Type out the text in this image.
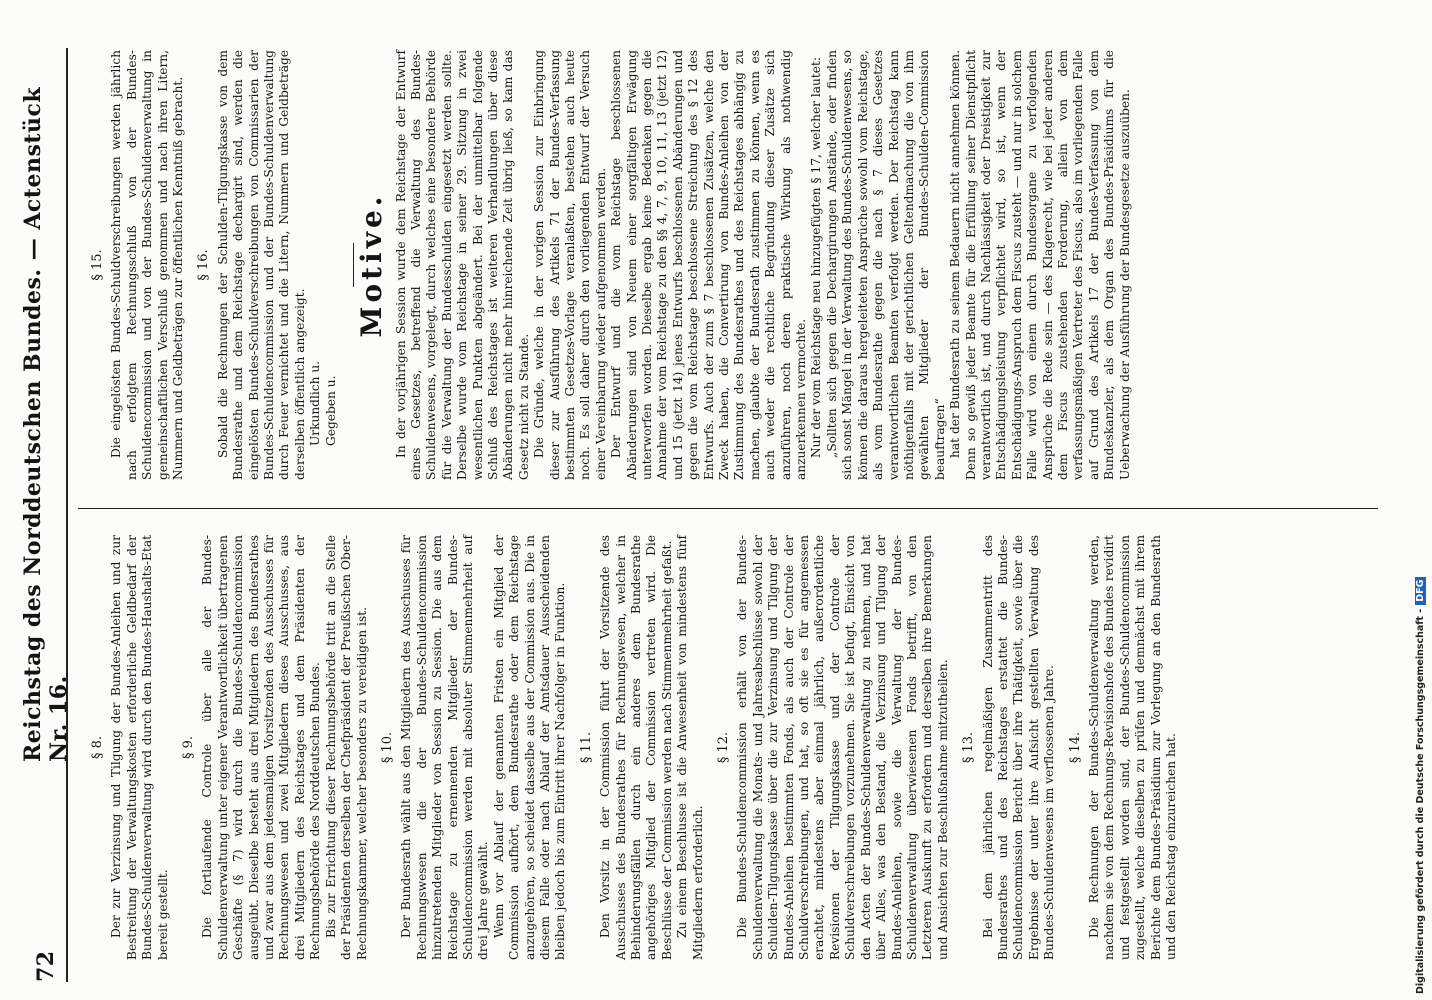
72
Reichstag des Norddeutschen Bundes. — Actenstück Nr. 16. § 8. Der zur Verzinsung und Tilgung der Bundes-Anleihen und zur Bestreitung der Verwaltungskosten erforderliche Geldbedarf der Bundes-Schuldenverwaltung wird durch den Bundes-Haushalts-Etat bereit gestellt.

§ 9. Die fortlaufende Controle über alle der Bundes-Schuldenverwaltung unter eigener Verantwortlichkeit übertragenen Geschäfte (§ 7) wird durch die Bundes-Schuldencommission ausgeübt. Dieselbe besteht aus drei Mitgliedern des Bundesrathes und zwar aus dem jedesmaligen Vorsitzenden des Ausschusses für Rechnungswesen und zwei Mitgliedern dieses Ausschusses, aus drei Mitgliedern des Reichstages und dem Präsidenten der Rechnungsbehörde des Norddeutschen Bundes. Bis zur Errichtung dieser Rechnungsbehörde tritt an die Stelle der Präsidenten derselben der Chefpräsident der Preußischen Ober-Rechnungskammer, welcher besonders zu vereidigen ist. § 10. Der Bundesrath wählt aus den Mitgliedern des Ausschusses für Rechnungswesen die der Bundes-Schuldencommission hinzutretenden Mitglieder von Session zu Session. Die aus dem Reichstage zu ernennenden Mitglieder der Bundes-Schuldencommission werden mit absoluter Stimmenmehrheit auf drei Jahre gewählt. Wenn vor Ablauf der genannten Fristen ein Mitglied der Commission aufhört, dem Bundesrathe oder dem Reichstage anzugehören, so scheidet dasselbe aus der Commission aus. Die in diesem Falle oder nach Ablauf der Amtsdauer Ausscheidenden bleiben jedoch bis zum Eintritt ihrer Nachfolger in Funktion. § 11. Den Vorsitz in der Commission führt der Vorsitzende des Ausschusses des Bundesrathes für Rechnungswesen, welcher in Behinderungsfällen durch ein anderes dem Bundesrathe angehöriges Mitglied der Commission vertreten wird. Die Beschlüsse der Commission werden nach Stimmenmehrheit gefaßt. Zu einem Beschlusse ist die Anwesenheit von mindestens fünf Mitgliedern erforderlich.

§ 12. Die Bundes-Schuldencommission erhält von der Bundes-Schuldenverwaltung die Monats- und Jahresabschlüsse sowohl der Schulden-Tilgungskasse über die zur Verzinsung und Tilgung der Bundes-Anleihen bestimmten Fonds, als auch der Controle der Schuldverschreibungen, und hat, so oft sie es für angemessen erachtet, mindestens aber einmal jährlich, außerordentliche Revisionen der Tilgungskasse und der Controle der Schuldverschreibungen vorzunehmen. Sie ist befugt, Einsicht von den Acten der Bundes-Schuldenverwaltung zu nehmen, und hat über Alles, was den Bestand, die Verzinsung und Tilgung der Bundes-Anleihen, sowie die Verwaltung der Bundes-Schuldenverwaltung überwiesenen Fonds betrifft, von den Letzteren Auskunft zu erfordern und derselben ihre Bemerkungen und Ansichten zur Beschlußnahme mitzutheilen. § 13. Bei dem jährlichen regelmäßigen Zusammentritt des Bundesrathes und des Reichstages erstattet die Bundes-Schuldencommission Bericht über ihre Thätigkeit, sowie über die Ergebnisse der unter ihre Aufsicht gestellten Verwaltung des Bundes-Schuldenwesens im verflossenen Jahre. § 14. Die Rechnungen der Bundes-Schuldenverwaltung werden, nachdem sie von dem Rechnungs-Revisionshofe des Bundes revidirt und festgestellt worden sind, der Bundes-Schuldencommission zugestellt, welche dieselben zu prüfen und demnächst mit ihrem Berichte dem Bundes-Präsidium zur Vorlegung an den Bundesrath und den Reichstag einzureichen hat.

§ 15. Die eingelösten Bundes-Schuldverschreibungen werden jährlich nach erfolgtem Rechnungsschluß von der Bundes-Schuldencommission und von der Bundes-Schuldenverwaltung in gemeinschaftlichen Verschluß genommen und nach ihren Litern, Nummern und Geldbeträgen zur öffentlichen Kenntniß gebracht. § 16. Sobald die Rechnungen der Schulden-Tilgungskasse von dem Bundesrathe und dem Reichstage dechargirt sind, werden die eingelösten Bundes-Schuldverschreibungen von Commissarien der Bundes-Schuldencommission und der Bundes-Schuldenverwaltung durch Feuer vernichtet und die Litern, Nummern und Geldbeträge derselben öffentlich angezeigt. Urkundlich u. Gegeben u.

Motive. In der vorjährigen Session wurde dem Reichstage der Entwurf eines Gesetzes, betreffend die Verwaltung des Bundes-Schuldenwesens, vorgelegt, durch welches eine besondere Behörde für die Verwaltung der Bundesschulden eingesetzt werden sollte. Derselbe wurde vom Reichstage in seiner 29. Sitzung in zwei wesentlichen Punkten abgeändert. Bei der unmittelbar folgende Schluß des Reichstages ist weiteren Verhandlungen über diese Abänderungen nicht mehr hinreichende Zeit übrig ließ, so kam das Gesetz nicht zu Stande. Die Gründe, welche in der vorigen Session zur Einbringung dieser zur Ausführung des Artikels 71 der Bundes-Verfassung bestimmten Gesetzes-Vorlage veranlaßten, bestehen auch heute noch. Es soll daher durch den vorliegenden Entwurf der Versuch einer Vereinbarung wieder aufgenommen werden. Der Entwurf und die vom Reichstage beschlossenen Abänderungen sind von Neuem einer sorgfältigen Erwägung unterworfen worden. Dieselbe ergab keine Bedenken gegen die Annahme der vom Reichstage zu den §§ 4, 7, 9, 10, 11, 13 (jetzt 12) und 15 (jetzt 14) jenes Entwurfs beschlossenen Abänderungen und gegen die vom Reichstage beschlossene Streichung des § 12 des Entwurfs. Auch der zum § 7 beschlossenen Zusätzen, welche den Zweck haben, die Convertirung von Bundes-Anleihen von der Zustimmung des Bundesrathes und des Reichstages abhängig zu machen, glaubte der Bundesrath zustimmen zu können, wenn es auch weder die rechtliche Begründung dieser Zusätze sich anzuführen, noch deren praktische Wirkung als nothwendig anzuerkennen vermochte. Nur der vom Reichstage neu hinzugefügten § 17, welcher lautet: „Sollten sich gegen die Dechargirungen Anstände, oder finden sich sonst Mängel in der Verwaltung des Bundes-Schuldenwesens, so können die daraus hergeleiteten Ansprüche sowohl vom Reichstage, als vom Bundesrathe gegen die nach § 7 dieses Gesetzes verantwortlichen Beamten verfolgt werden. Der Reichstag kann nöthigenfalls mit der gerichtlichen Geltendmachung die von ihm gewählten Mitglieder der Bundes-Schulden-Commission beauftragen“ hat der Bundesrath zu seinem Bedauern nicht annehmen können. Denn so gewiß jeder Beamte für die Erfüllung seiner Dienstpflicht verantwortlich ist, und durch Nachlässigkeit oder Dreistigkeit zur Entschädigungsleistung verpflichtet wird, so ist, wenn der Entschädigungs-Anspruch dem Fiscus zusteht — und nur in solchem Falle wird von einem durch Bundesorgane zu verfolgenden Ansprüche die Rede sein — des Klagerecht, wie bei jeder anderen dem Fiscus zustehenden Forderung, allein von dem verfassungsmäßigen Vertreter des Fiscus, also im vorliegenden Falle auf Grund des Artikels 17 der Bundes-Verfassung von dem Bundeskanzler, als dem Organ des Bundes-Präsidiums für die Ueberwachung der Ausführung der Bundesgesetze auszuüben.

Digitalisierung gefördert durch die Deutsche Forschungsgemeinschaft -DFG
